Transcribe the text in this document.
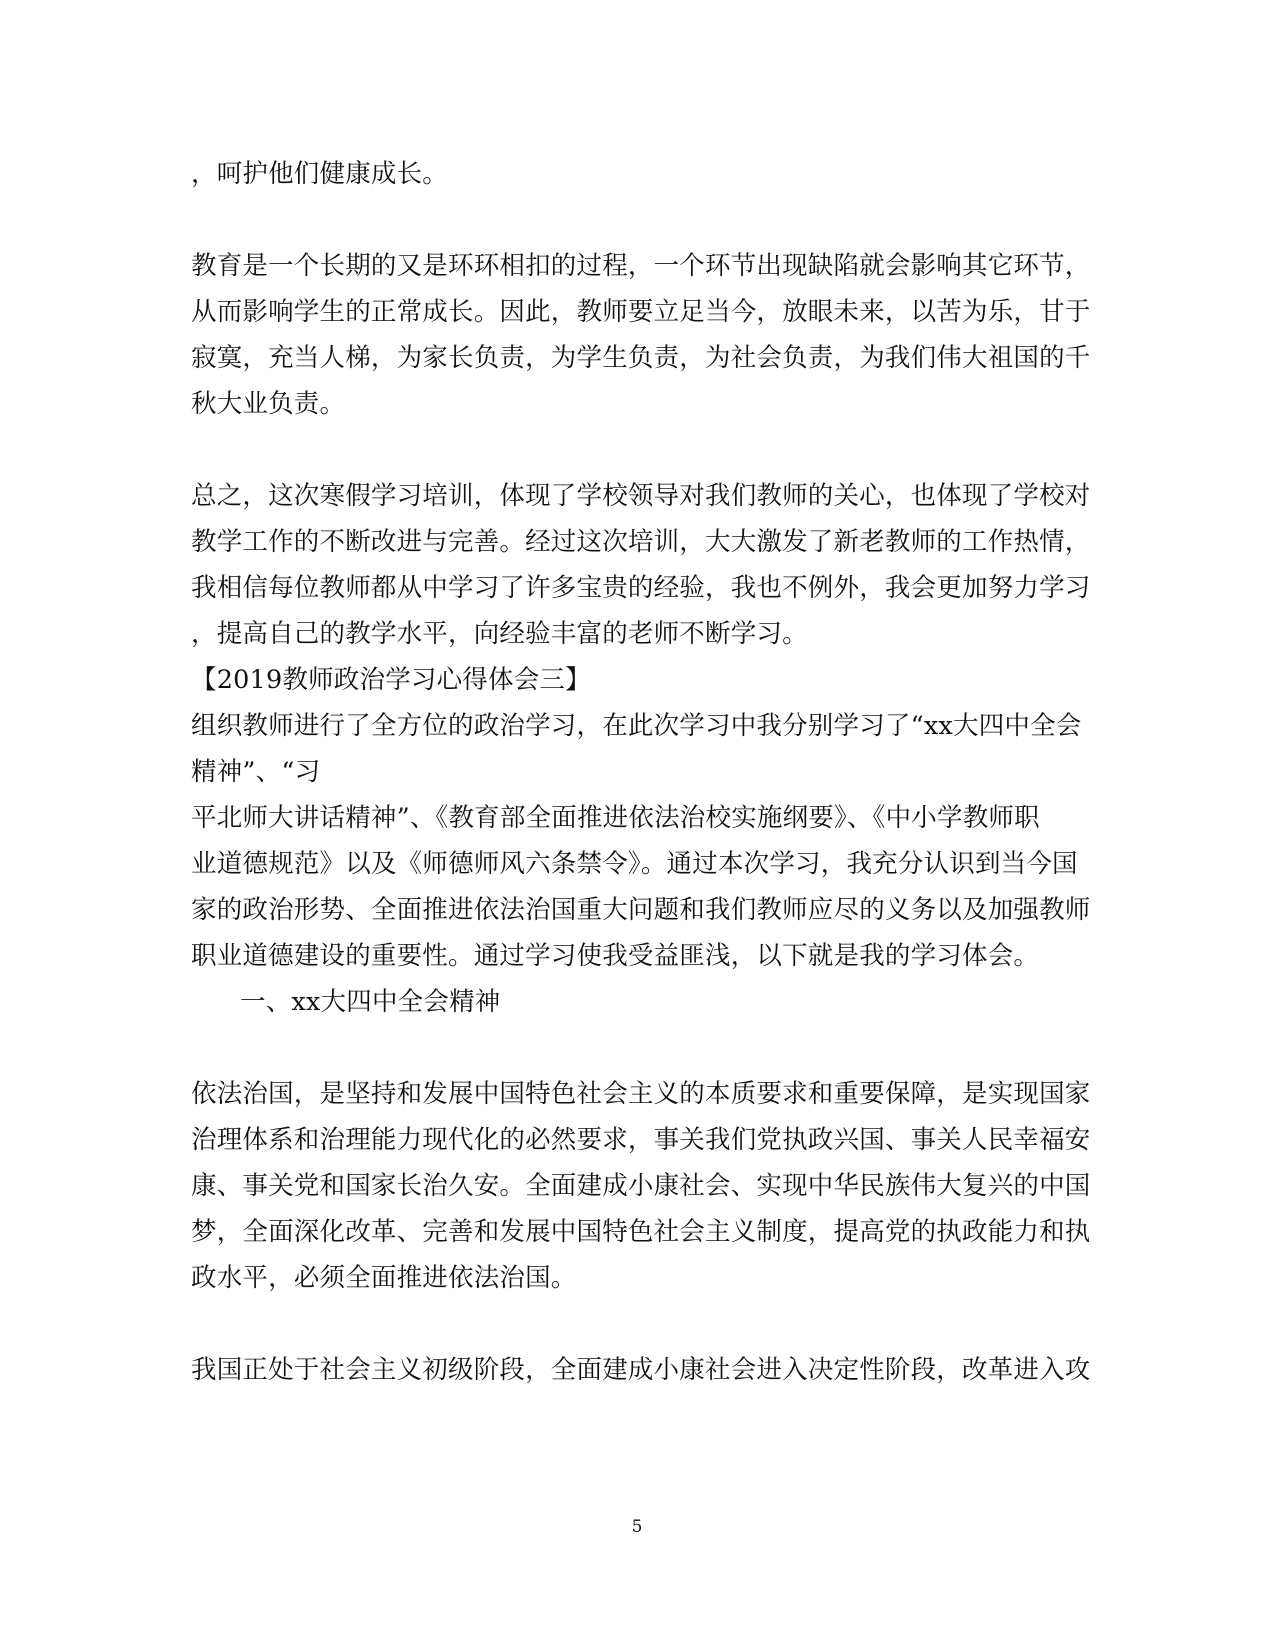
，呵护他们健康成长。
教育是一个长期的又是环环相扣的过程，一个环节出现缺陷就会影响其它环节，
从而影响学生的正常成长。因此，教师要立足当今，放眼未来，以苦为乐，甘于
寂寞，充当人梯，为家长负责，为学生负责，为社会负责，为我们伟大祖国的千
秋大业负责。
总之，这次寒假学习培训，体现了学校领导对我们教师的关心，也体现了学校对
教学工作的不断改进与完善。经过这次培训，大大激发了新老教师的工作热情，
我相信每位教师都从中学习了许多宝贵的经验，我也不例外，我会更加努力学习
，提高自己的教学水平，向经验丰富的老师不断学习。
【2019教师政治学习心得体会三】
组织教师进行了全方位的政治学习，在此次学习中我分别学习了“xx大四中全会
精神”、“习
平北师大讲话精神”、《教育部全面推进依法治校实施纲要》、《中小学教师职
业道德规范》以及《师德师风六条禁令》。通过本次学习，我充分认识到当今国
家的政治形势、全面推进依法治国重大问题和我们教师应尽的义务以及加强教师
职业道德建设的重要性。通过学习使我受益匪浅，以下就是我的学习体会。
一、xx大四中全会精神
依法治国，是坚持和发展中国特色社会主义的本质要求和重要保障，是实现国家
治理体系和治理能力现代化的必然要求，事关我们党执政兴国、事关人民幸福安
康、事关党和国家长治久安。全面建成小康社会、实现中华民族伟大复兴的中国
梦，全面深化改革、完善和发展中国特色社会主义制度，提高党的执政能力和执
政水平，必须全面推进依法治国。
我国正处于社会主义初级阶段，全面建成小康社会进入决定性阶段，改革进入攻
5
